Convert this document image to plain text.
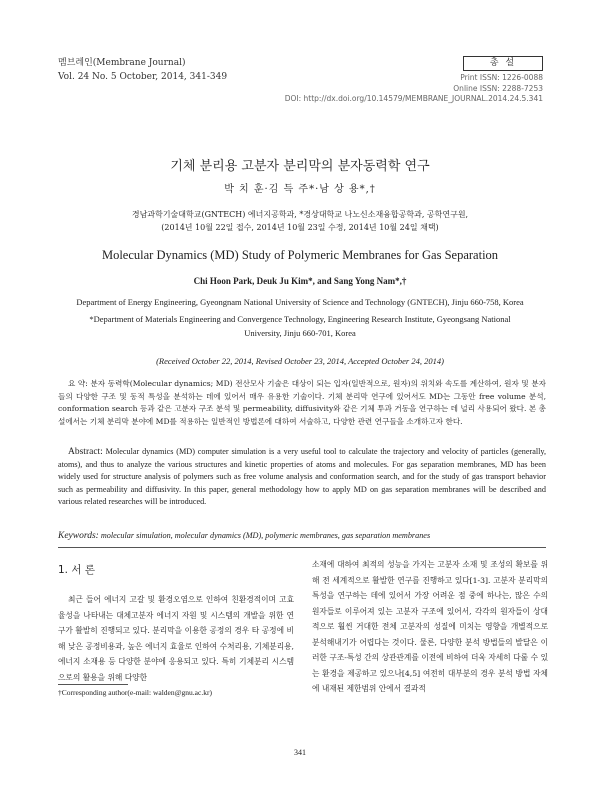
멤브레인(Membrane Journal)
Vol. 24 No. 5 October, 2014, 341-349
총 설
Print ISSN: 1226-0088
Online ISSN: 2288-7253
DOI: http://dx.doi.org/10.14579/MEMBRANE_JOURNAL.2014.24.5.341
기체 분리용 고분자 분리막의 분자동력학 연구
박 치 훈·김 득 주*·남 상 용*,†
경남과학기술대학교(GNTECH) 에너지공학과, *경상대학교 나노신소재융합공학과, 공학연구원,
(2014년 10월 22일 접수, 2014년 10월 23일 수정, 2014년 10월 24일 채택)
Molecular Dynamics (MD) Study of Polymeric Membranes for Gas Separation
Chi Hoon Park, Deuk Ju Kim*, and Sang Yong Nam*,†

Department of Energy Engineering, Gyeongnam National University of Science and Technology (GNTECH), Jinju 660-758, Korea

*Department of Materials Engineering and Convergence Technology, Engineering Research Institute, Gyeongsang National University, Jinju 660-701, Korea

(Received October 22, 2014, Revised October 23, 2014, Accepted October 24, 2014)
요 약: 분자 동력학(Molecular dynamics; MD) 전산모사 기술은 대상이 되는 입자(일반적으로, 원자)의 위치와 속도를 계산하여, 원자 및 분자들의 다양한 구조 및 동적 특성을 분석하는 데에 있어서 매우 유용한 기술이다. 기체 분리막 연구에 있어서도 MD는 그동안 free volume 분석, conformation search 등과 같은 고분자 구조 분석 및 permeability, diffusivity와 같은 기체 투과 거동을 연구하는 데 널리 사용되어 왔다. 본 총설에서는 기체 분리막 분야에 MD를 적용하는 일반적인 방법론에 대하여 서술하고, 다양한 관련 연구들을 소개하고자 한다.
Abstract: Molecular dynamics (MD) computer simulation is a very useful tool to calculate the trajectory and velocity of particles (generally, atoms), and thus to analyze the various structures and kinetic properties of atoms and molecules. For gas separation membranes, MD has been widely used for structure analysis of polymers such as free volume analysis and conformation search, and for the study of gas transport behavior such as permeability and diffusivity. In this paper, general methodology how to apply MD on gas separation membranes will be described and various related researches will be introduced.
Keywords: molecular simulation, molecular dynamics (MD), polymeric membranes, gas separation membranes
1. 서 론
최근 들어 에너지 고갈 및 환경오염으로 인하여 친환경적이며 고효율성을 나타내는 대체고분자 에너지 자원 및 시스템의 개발을 위한 연구가 활발히 진행되고 있다. 분리막을 이용한 공정의 경우 타 공정에 비해 낮은 공정비용과, 높은 에너지 효율로 인하여 수처리용, 기체분리용, 에너지 소재용 등 다양한 분야에 응용되고 있다. 특히 기체분리 시스템으로의 활용을 위해 다양한
소재에 대하여 최적의 성능을 가지는 고분자 소재 및 조성의 확보를 위해 전 세계적으로 활발한 연구를 진행하고 있다[1-3]. 고분자 분리막의 특성을 연구하는 데에 있어서 가장 어려운 점 중에 하나는, 많은 수의 원자들로 이루어져 있는 고분자 구조에 있어서, 각각의 원자들이 상대적으로 훨씬 거대한 전체 고분자의 성질에 미치는 영향을 개별적으로 분석해내기가 어렵다는 것이다. 물론, 다양한 분석 방법들의 발달은 이러한 구조-특성 간의 상관관계를 이전에 비하여 더욱 자세히 다룰 수 있는 환경을 제공하고 있으나[4,5] 여전히 대부분의 경우 분석 방법 자체에 내재된 제한범위 안에서 결과적
†Corresponding author(e-mail: walden@gnu.ac.kr)
341
